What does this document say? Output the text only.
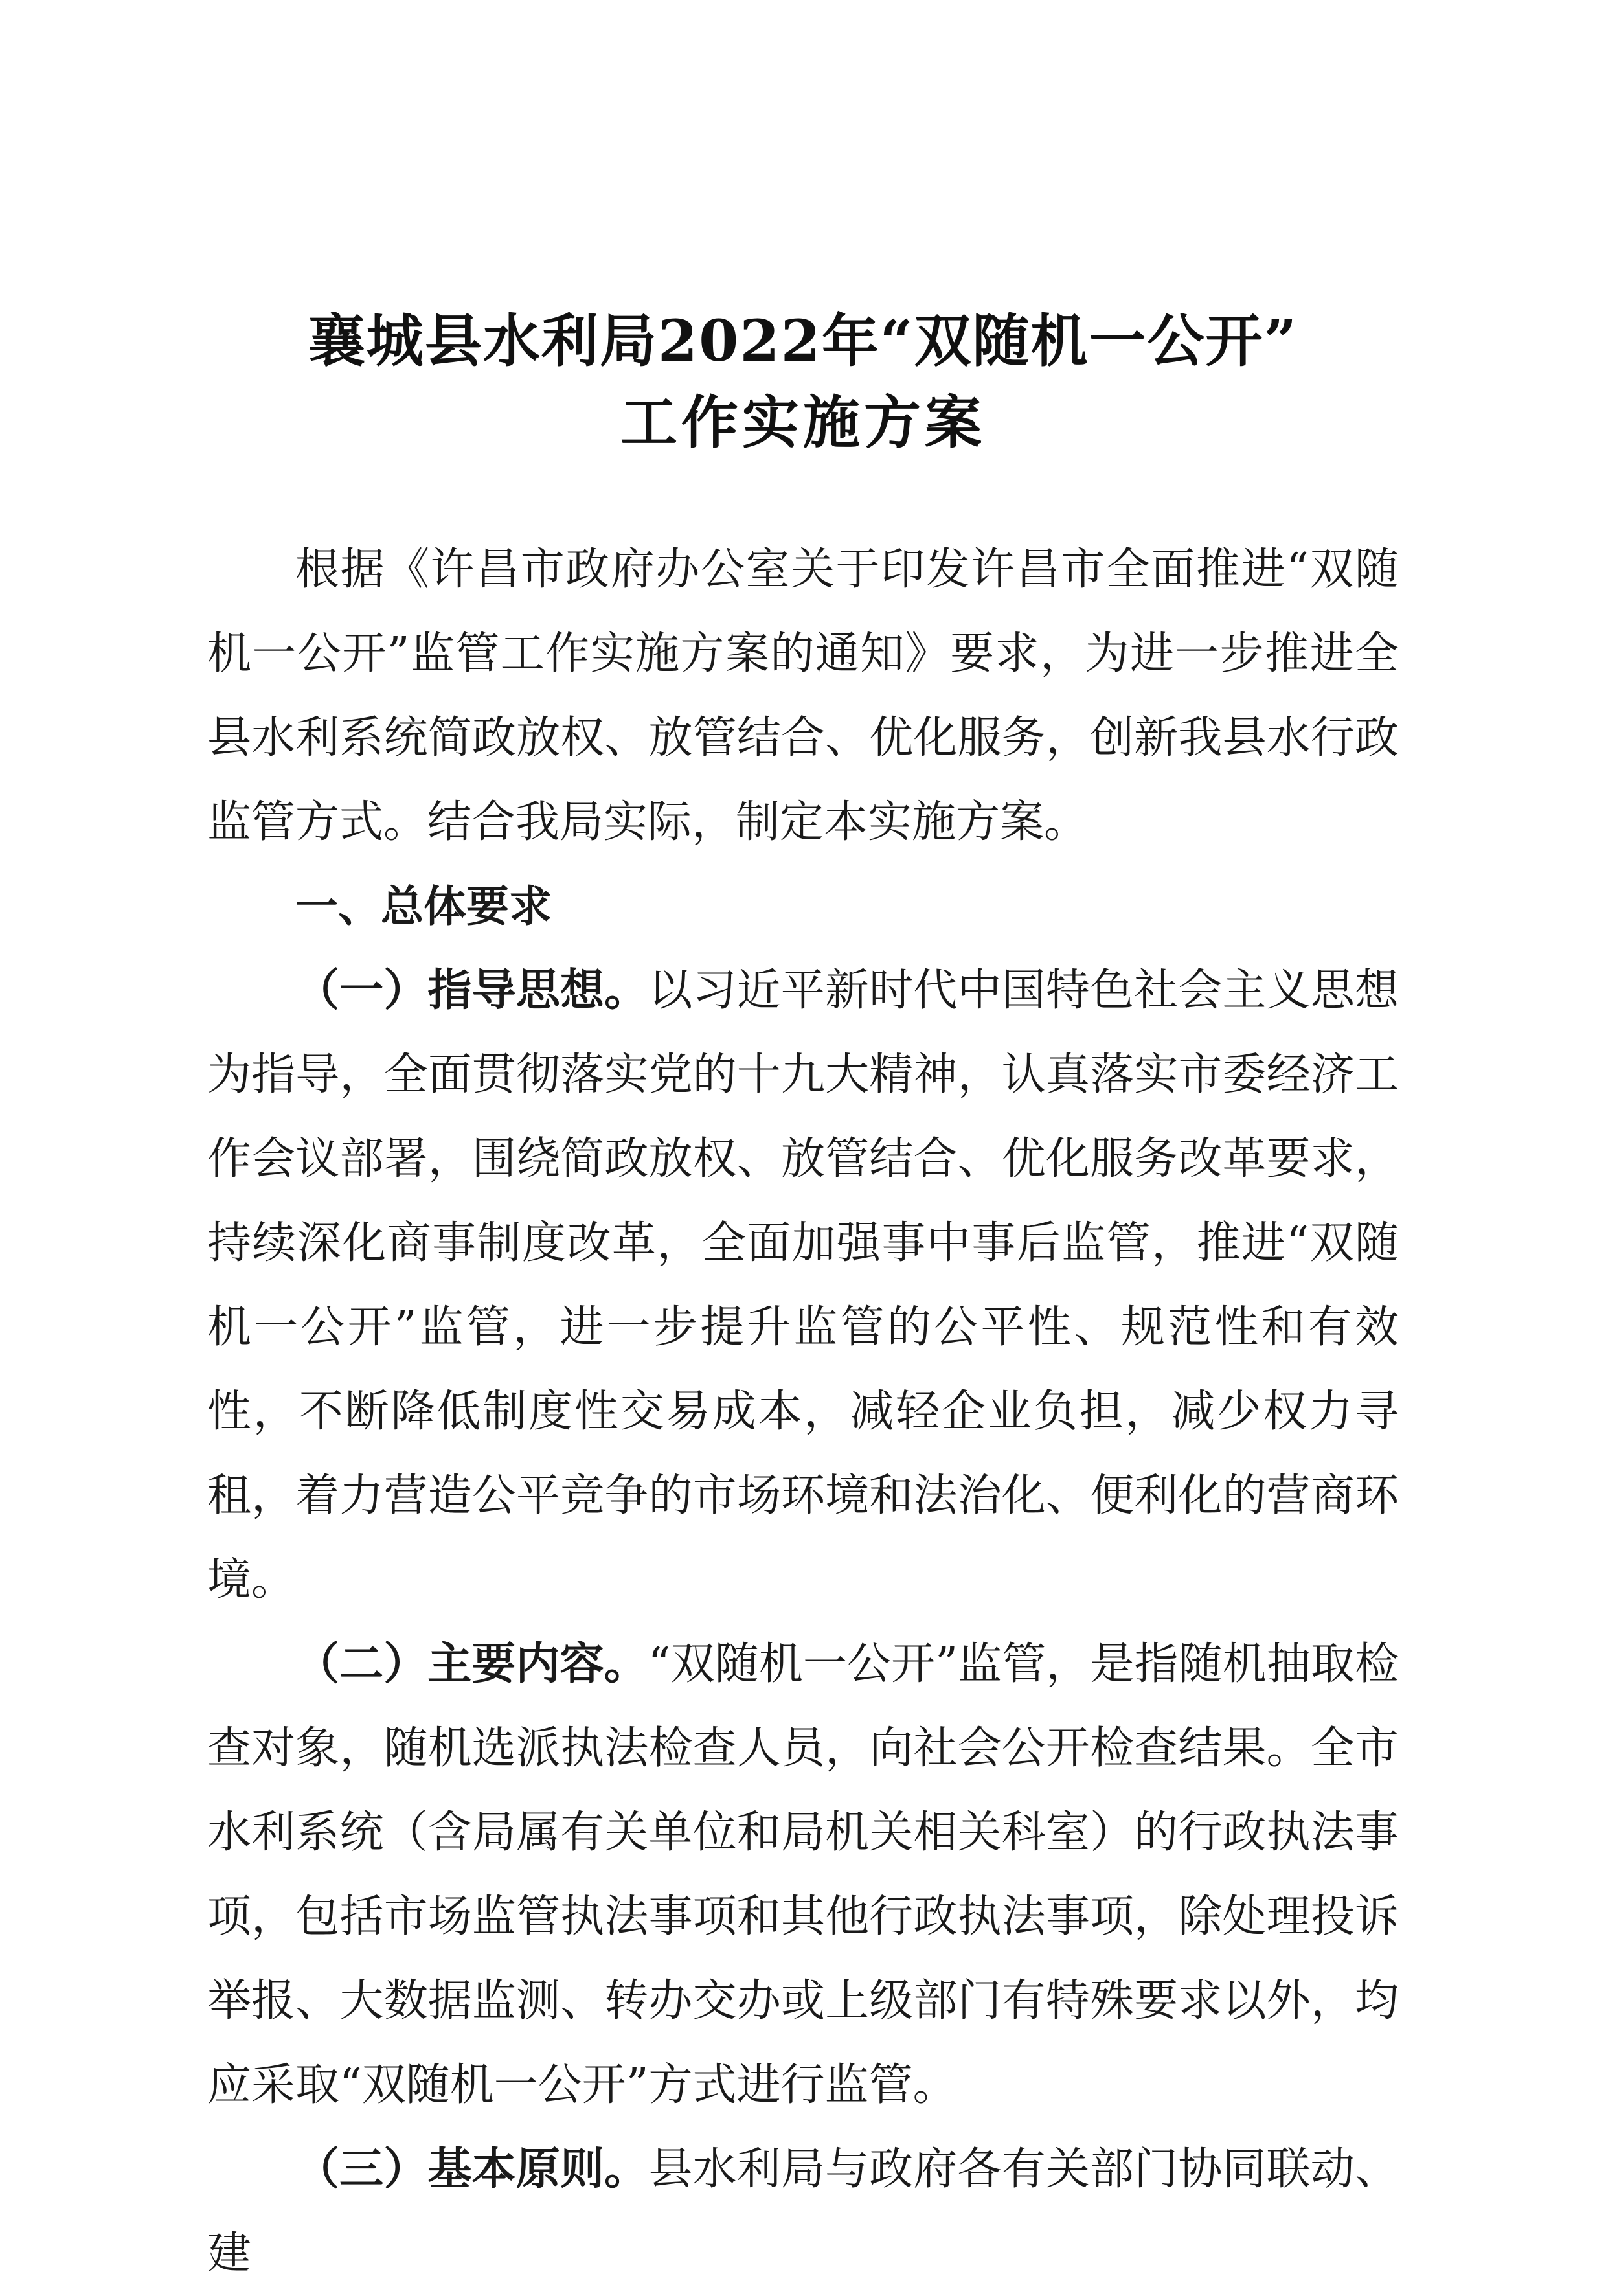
襄城县水利局2022年“双随机一公开”
工作实施方案

根据《许昌市政府办公室关于印发许昌市全面推进“双随机一公开”监管工作实施方案的通知》要求，为进一步推进全县水利系统简政放权、放管结合、优化服务，创新我县水行政监管方式。结合我局实际，制定本实施方案。

一、总体要求

（一）指导思想。以习近平新时代中国特色社会主义思想为指导，全面贯彻落实党的十九大精神，认真落实市委经济工作会议部署，围绕简政放权、放管结合、优化服务改革要求，持续深化商事制度改革，全面加强事中事后监管，推进“双随机一公开”监管，进一步提升监管的公平性、规范性和有效性，不断降低制度性交易成本，减轻企业负担，减少权力寻租，着力营造公平竞争的市场环境和法治化、便利化的营商环境。

（二）主要内容。“双随机一公开”监管，是指随机抽取检查对象，随机选派执法检查人员，向社会公开检查结果。全市水利系统（含局属有关单位和局机关相关科室）的行政执法事项，包括市场监管执法事项和其他行政执法事项，除处理投诉举报、大数据监测、转办交办或上级部门有特殊要求以外，均应采取“双随机一公开”方式进行监管。

（三）基本原则。县水利局与政府各有关部门协同联动、建
